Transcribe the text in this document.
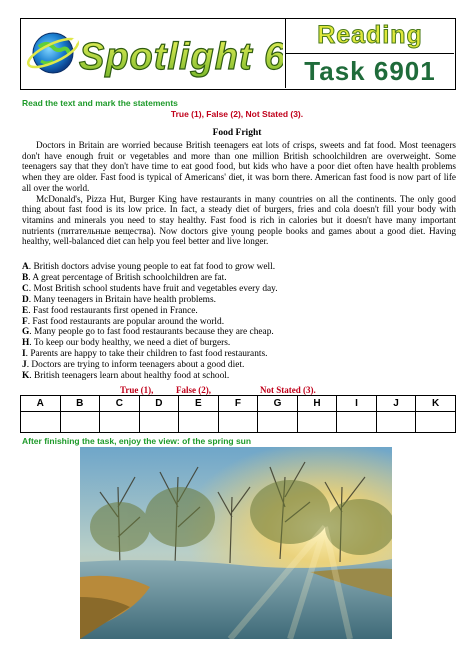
Spotlight 6
Reading
Task 6901
Read the text and mark the statements
True (1), False (2), Not Stated (3).
Food Fright

Doctors in Britain are worried because British teenagers eat lots of crisps, sweets and fat food. Most teenagers don't have enough fruit or vegetables and more than one million British schoolchildren are overweight. Some teenagers say that they don't have time to eat good food, but kids who have a poor diet often have health problems when they are older. Fast food is typical of Americans' diet, it was born there. American fast food is now part of life all over the world.

McDonald's, Pizza Hut, Burger King have restaurants in many countries on all the continents. The only good thing about fast food is its low price. In fact, a steady diet of burgers, fries and cola doesn't fill your body with vitamins and minerals you need to stay healthy. Fast food is rich in calories but it doesn't have many important nutrients (питательные вещества). Now doctors give young people books and games about a good diet. Having healthy, well-balanced diet can help you feel better and live longer.

A. British doctors advise young people to eat fat food to grow well.
B. A great percentage of British schoolchildren are fat.
C. Most British school students have fruit and vegetables every day.
D. Many teenagers in Britain have health problems.
E. Fast food restaurants first opened in France.
F. Fast food restaurants are popular around the world.
G. Many people go to fast food restaurants because they are cheap.
H. To keep our body healthy, we need a diet of burgers.
I. Parents are happy to take their children to fast food restaurants.
J. Doctors are trying to inform teenagers about a good diet.
K. British teenagers learn about healthy food at school.
True (1),	False (2),	Not Stated (3).
A	B	C	D	E	F	G	H	I	J	K

After finishing the task, enjoy the view: of the spring sun
